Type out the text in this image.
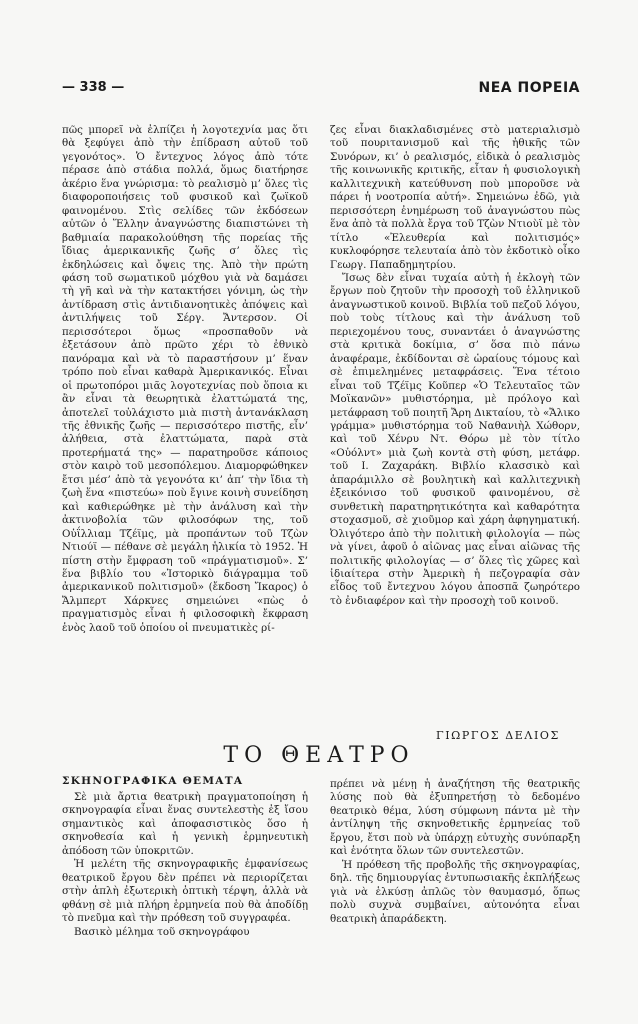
— 338 —	ΝΕΑ ΠΟΡΕΙΑ

πῶς μπορεῖ νὰ ἐλπίζει ἡ λογοτεχνία μας ὅτι θὰ ξεφύγει ἀπὸ τὴν ἐπίδραση αὐτοῦ τοῦ γεγονότος». Ὁ ἔντεχνος λόγος ἀπὸ τότε πέρασε ἀπὸ στάδια πολλά, ὅμως διατήρησε ἀκέριο ἕνα γνώρισμα: τὸ ρεαλισμὸ μ’ ὅλες τὶς διαφοροποιήσεις τοῦ φυσικοῦ καὶ ζωϊκοῦ φαινομένου. Στὶς σελίδες τῶν ἐκδόσεων αὐτῶν ὁ Ἕλλην ἀναγνώστης διαπιστώνει τὴ βαθμιαία παρακολούθηση τῆς πορείας τῆς ἴδιας ἀμερικανικῆς ζωῆς σ’ ὅλες τὶς ἐκδηλώσεις καὶ ὄψεις της. Ἀπὸ τὴν πρώτη φάση τοῦ σωματικοῦ μόχθου γιὰ νὰ δαμάσει τὴ γῆ καὶ νὰ τὴν κατακτήσει γόνιμη, ὡς τὴν ἀντίδραση στὶς ἀντιδιανοητικὲς ἀπόψεις καὶ ἀντιλήψεις τοῦ Σέργ. Ἄντερσον. Οἱ περισσότεροι ὅμως «προσπαθοῦν νὰ ἐξετάσουν ἀπὸ πρῶτο χέρι τὸ ἐθνικὸ πανόραμα καὶ νὰ τὸ παραστήσουν μ’ ἕναν τρόπο ποὺ εἶναι καθαρὰ Ἀμερικανικός. Εἶναι οἱ πρωτοπόροι μιᾶς λογοτεχνίας ποὺ ὅποια κι ἂν εἶναι τὰ θεωρητικὰ ἐλαττώματά της, ἀποτελεῖ τοὐλάχιστο μιὰ πιστὴ ἀντανάκλαση τῆς ἐθνικῆς ζωῆς — περισσότερο πιστῆς, εἶν’ ἀλήθεια, στὰ ἐλαττώματα, παρὰ στὰ προτερήματά της» — παρατηροῦσε κάποιος στὸν καιρὸ τοῦ μεσοπόλεμου. Διαμορφώθηκεν ἔτσι μέσ’ ἀπὸ τὰ γεγονότα κι’ ἀπ’ τὴν ἴδια τὴ ζωὴ ἕνα «πιστεύω» ποὺ ἔγινε κοινὴ συνείδηση καὶ καθιερώθηκε μὲ τὴν ἀνάλυση καὶ τὴν ἀκτινοβολία τῶν φιλοσόφων της, τοῦ Οὐΐλλιαμ Τζέϊμς, μὰ προπάντων τοῦ Τζὼν Ντιούϊ — πέθανε σὲ μεγάλη ἡλικία τὸ 1952. Ἡ πίστη στὴν ἔμφραση τοῦ «πράγματισμοῦ». Σ’ ἕνα βιβλίο του «Ἱστορικὸ διάγραμμα τοῦ ἀμερικανικοῦ πολιτισμοῦ» (ἔκδοση Ἴκαρος) ὁ Ἄλμπερτ Χάρκνες σημειώνει «πὼς ὁ πραγματισμὸς εἶναι ἡ φιλοσοφικὴ ἔκφραση ἑνὸς λαοῦ τοῦ ὁποίου οἱ πνευματικὲς ρί-

ζες εἶναι διακλαδισμένες στὸ ματεριαλισμὸ τοῦ πουριτανισμοῦ καὶ τῆς ἠθικῆς τῶν Συνόρων, κι’ ὁ ρεαλισμός, εἰδικὰ ὁ ρεαλισμὸς τῆς κοινωνικῆς κριτικῆς, εἶταν ἡ φυσιολογικὴ καλλιτεχνικὴ κατεύθυνση ποὺ μποροῦσε νὰ πάρει ἡ νοοτροπία αὐτή». Σημειώνω ἐδῶ, γιὰ περισσότερη ἐνημέρωση τοῦ ἀναγνώστου πὼς ἕνα ἀπὸ τὰ πολλὰ ἔργα τοῦ Τζὼν Ντιοὺϊ μὲ τὸν τίτλο «Ἐλευθερία καὶ πολιτισμός» κυκλοφόρησε τελευταία ἀπὸ τὸν ἐκδοτικὸ οἶκο Γεωργ. Παπαδημητρίου.

Ἴσως δὲν εἶναι τυχαία αὐτὴ ἡ ἐκλογὴ τῶν ἔργων ποὺ ζητοῦν τὴν προσοχὴ τοῦ ἑλληνικοῦ ἀναγνωστικοῦ κοινοῦ. Βιβλία τοῦ πεζοῦ λόγου, ποὺ τοὺς τίτλους καὶ τὴν ἀνάλυση τοῦ περιεχομένου τους, συναντάει ὁ ἀναγνώστης στὰ κριτικὰ δοκίμια, σ’ ὅσα πιὸ πάνω ἀναφέραμε, ἐκδίδονται σὲ ὡραίους τόμους καὶ σὲ ἐπιμελημένες μεταφράσεις. Ἕνα τέτοιο εἶναι τοῦ Τζέϊμς Κοῦπερ «Ὁ Τελευταῖος τῶν Μοϊκανῶν» μυθιστόρημα, μὲ πρόλογο καὶ μετάφραση τοῦ ποιητῆ Ἄρη Δικταίου, τὸ «Ἄλικο γράμμα» μυθιστόρημα τοῦ Ναθανιὴλ Χώθορν, καὶ τοῦ Χένρυ Ντ. Θόρω μὲ τὸν τίτλο «Οὐόλντ» μιὰ ζωὴ κοντὰ στὴ φύση, μετάφρ. τοῦ Ι. Ζαχαράκη. Βιβλίο κλασσικὸ καὶ ἀπαράμιλλο σὲ βουλητικὴ καὶ καλλιτεχνικὴ ἐξεικόνισο τοῦ φυσικοῦ φαινομένου, σὲ συνθετικὴ παρατηρητικότητα καὶ καθαρότητα στοχασμοῦ, σὲ χιοῦμορ καὶ χάρη ἀφηγηματική. Ὀλιγότερο ἀπὸ τὴν πολιτικὴ φιλολογία — πὼς νὰ γίνει, ἀφοῦ ὁ αἰῶνας μας εἶναι αἰῶνας τῆς πολιτικῆς φιλολογίας — σ’ ὅλες τὶς χῶρες καὶ ἰδιαίτερα στὴν Ἀμερικὴ ἡ πεζογραφία σὰν εἶδος τοῦ ἔντεχνου λόγου ἀποσπᾶ ζωηρότερο τὸ ἐνδιαφέρον καὶ τὴν προσοχὴ τοῦ κοινοῦ.

ΓΙΩΡΓΟΣ ΔΕΛΙΟΣ
ΤΟ ΘΕΑΤΡΟ
ΣΚΗΝΟΓΡΑΦΙΚΑ ΘΕΜΑΤΑ

Σὲ μιὰ ἄρτια θεατρικὴ πραγματοποίηση ἡ σκηνογραφία εἶναι ἕνας συντελεστὴς ἐξ ἴσου σημαντικὸς καὶ ἀποφασιστικὸς ὅσο ἡ σκηνοθεσία καὶ ἡ γενικὴ ἑρμηνευτικὴ ἀπόδοση τῶν ὑποκριτῶν.

Ἡ μελέτη τῆς σκηνογραφικῆς ἐμφανίσεως θεατρικοῦ ἔργου δὲν πρέπει νὰ περιορίζεται στὴν ἁπλὴ ἐξωτερικὴ ὀπτικὴ τέρψη, ἀλλὰ νὰ φθάνῃ σὲ μιὰ πλήρη ἑρμηνεία ποὺ θὰ ἀποδίδῃ τὸ πνεῦμα καὶ τὴν πρόθεση τοῦ συγγραφέα.

Βασικὸ μέλημα τοῦ σκηνογράφου

πρέπει νὰ μένῃ ἡ ἀναζήτηση τῆς θεατρικῆς λύσης ποὺ θὰ ἐξυπηρετήσῃ τὸ δεδομένο θεατρικὸ θέμα, λύση σύμφωνη πάντα μὲ τὴν ἀντίληψη τῆς σκηνοθετικῆς ἑρμηνείας τοῦ ἔργου, ἔτσι ποὺ νὰ ὑπάρχῃ εὐτυχὴς συνύπαρξη καὶ ἑνότητα ὅλων τῶν συντελεστῶν.

Ἡ πρόθεση τῆς προβολῆς τῆς σκηνογραφίας, δηλ. τῆς δημιουργίας ἐντυπωσιακῆς ἐκπλήξεως γιὰ νὰ ἑλκύσῃ ἀπλῶς τὸν θαυμασμό, ὅπως πολὺ συχνὰ συμβαίνει, αὐτονόητα εἶναι θεατρικὴ ἀπαράδεκτη.
